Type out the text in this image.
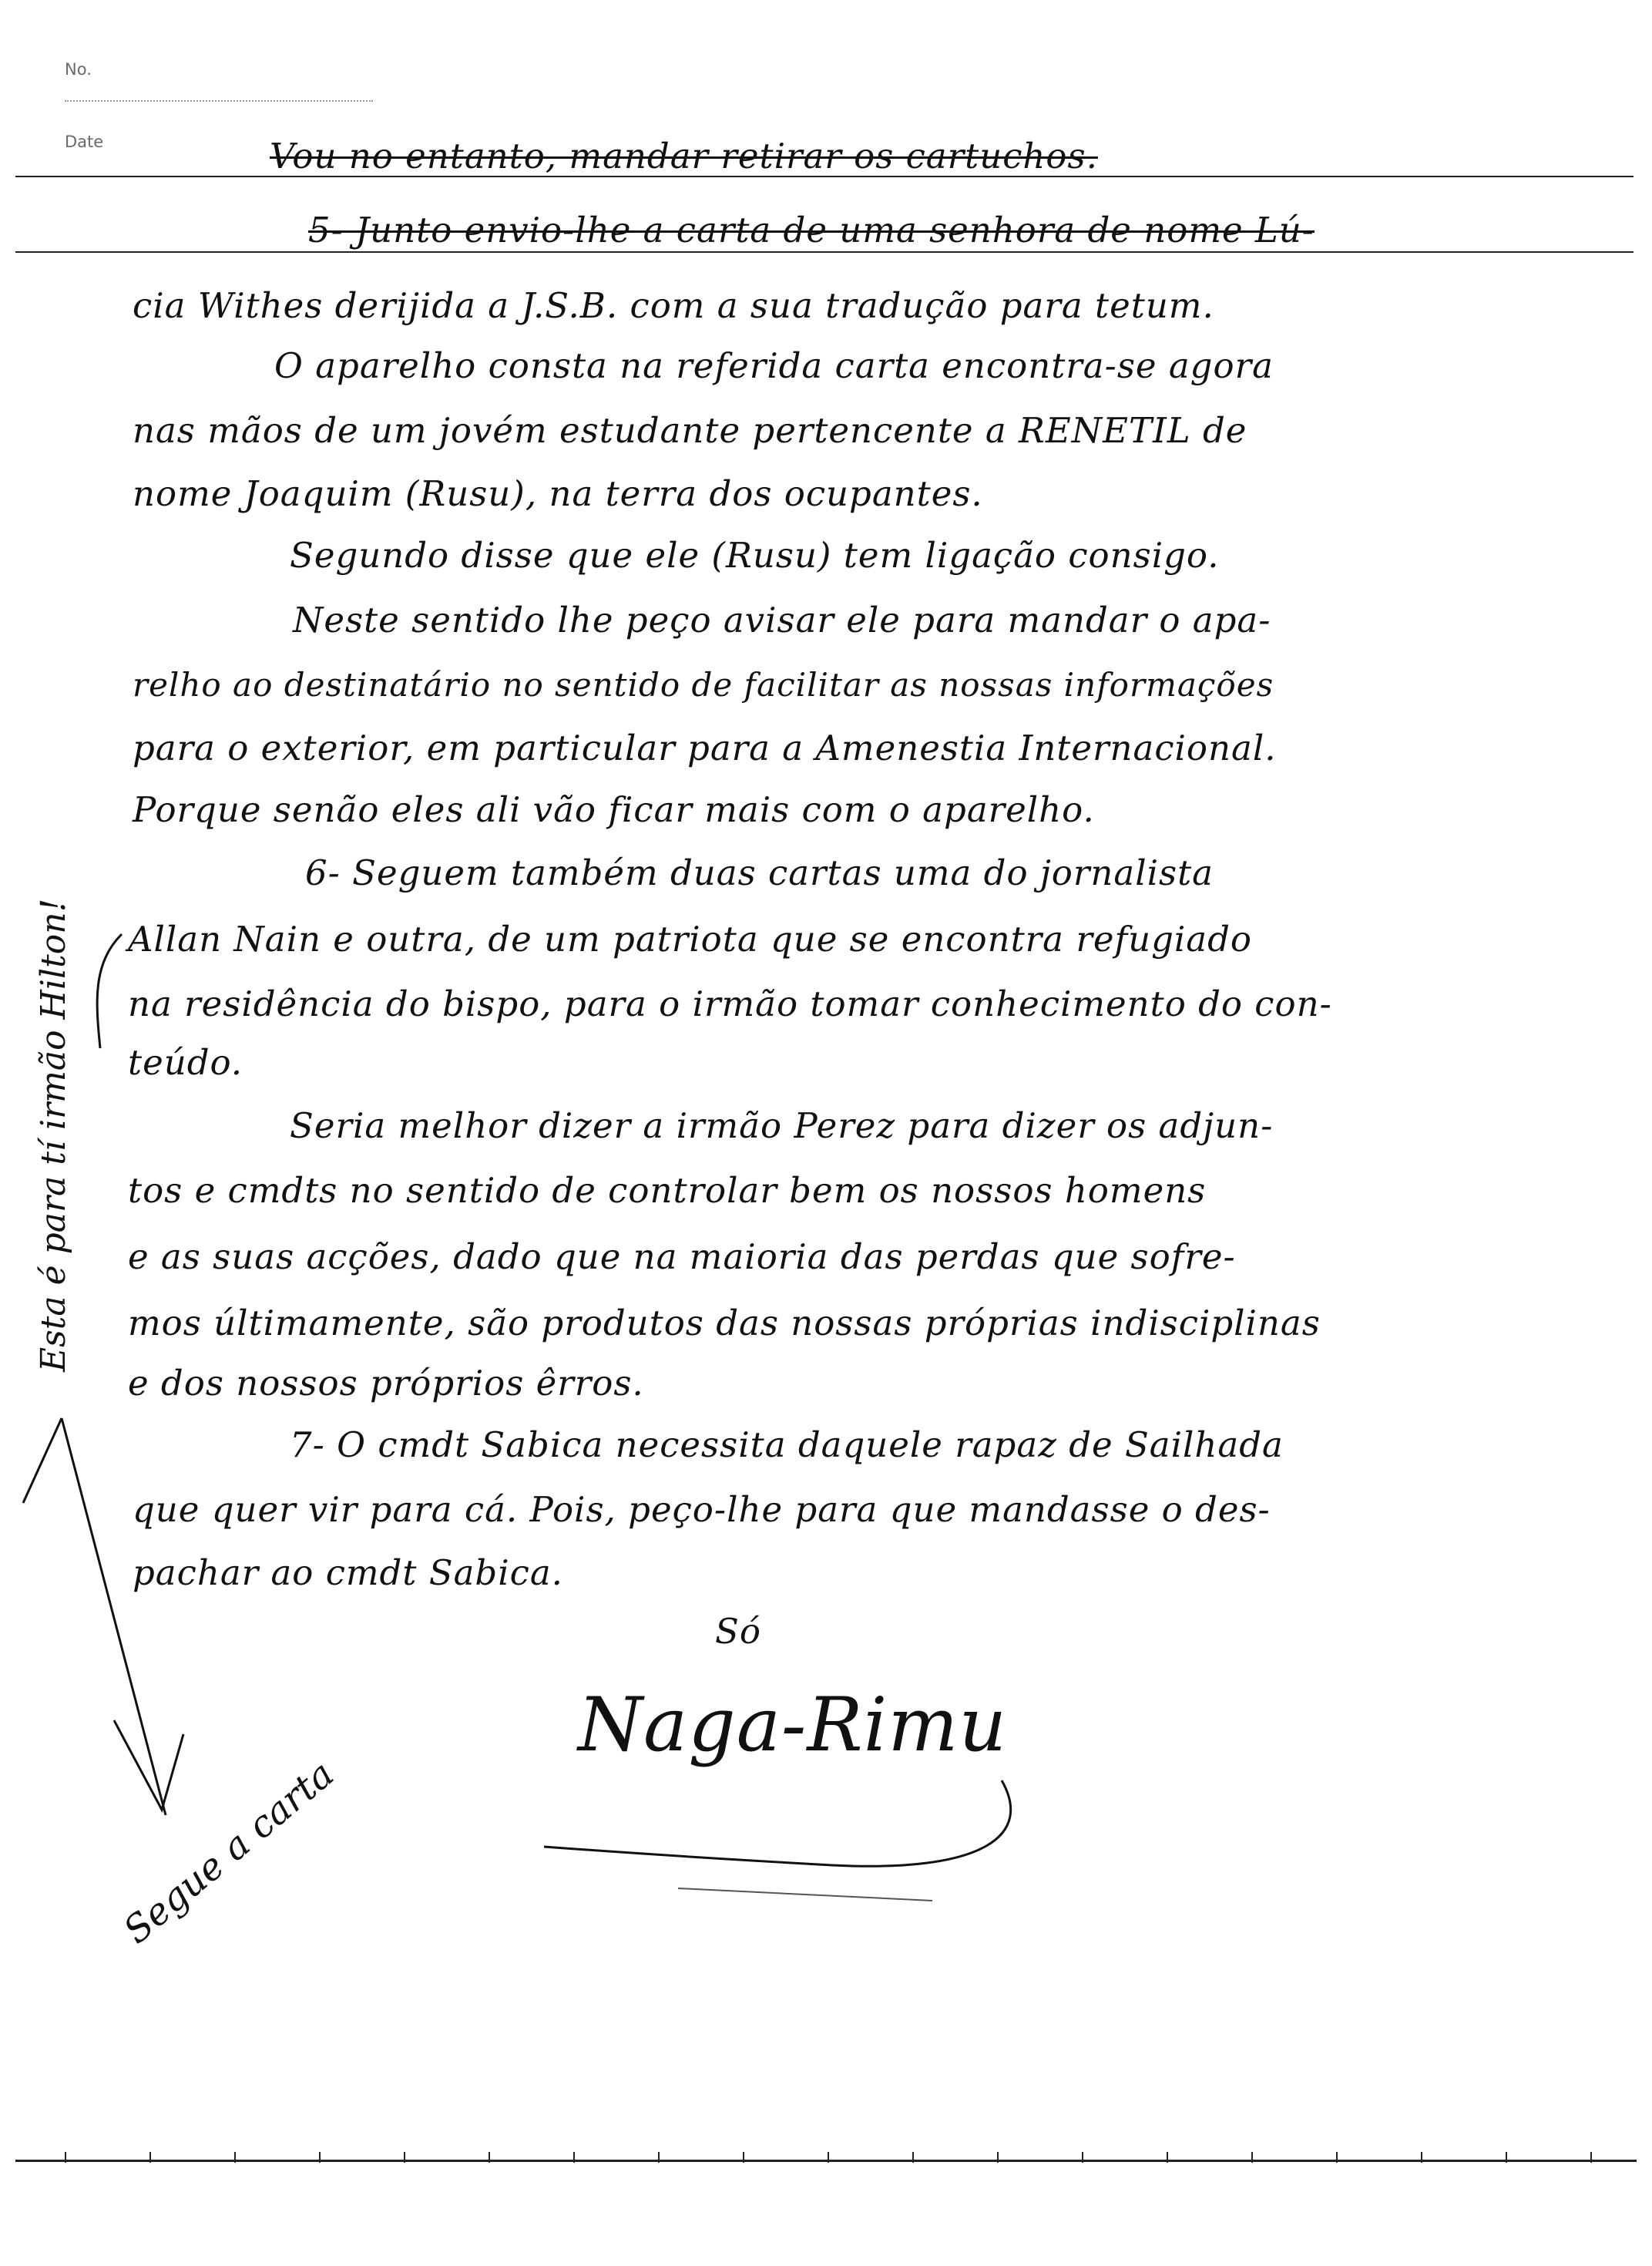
No.
Date	Vou no entanto, mandar retirar os cartuchos.
5- Junto envio-lhe a carta de uma senhora de nome Lú-
cia Withes derijida a J.S.B. com a sua tradução para tetum.
O aparelho consta na referida carta encontra-se agora
nas mãos de um jovém estudante pertencente a RENETIL de
nome Joaquim (Rusu), na terra dos ocupantes.
Segundo disse que ele (Rusu) tem ligação consigo.
Neste sentido lhe peço avisar ele para mandar o apa-
relho ao destinatário no sentido de facilitar as nossas informações
para o exterior, em particular para a Amenestia Internacional.
Porque senão eles ali vão ficar mais com o aparelho.
6- Seguem também duas cartas uma do jornalista
Allan Nain e outra, de um patriota que se encontra refugiado
na residência do bispo, para o irmão tomar conhecimento do con-
teúdo.
Seria melhor dizer a irmão Perez para dizer os adjun-
tos e cmdts no sentido de controlar bem os nossos homens
e as suas acções, dado que na maioria das perdas que sofre-
mos últimamente, são produtos das nossas próprias indisciplinas
e dos nossos próprios êrros.
7- O cmdt Sabica necessita daquele rapaz de Sailhada
que quer vir para cá. Pois, peço-lhe para que mandasse o des-
pachar ao cmdt Sabica.
Só
Naga-Rimu
Esta é para tí irmão Hilton!
Segue a carta
